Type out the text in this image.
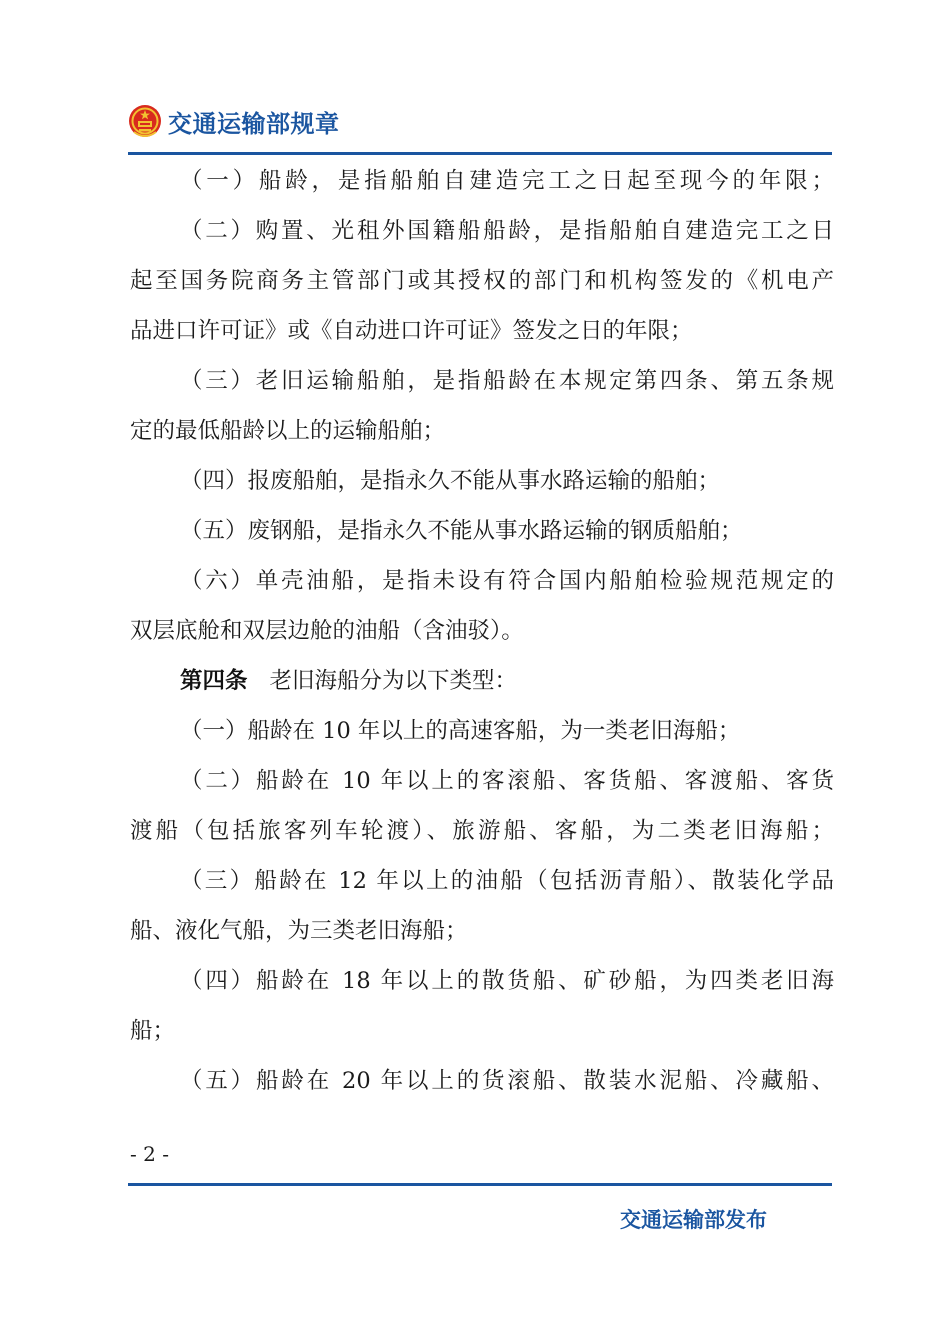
交通运输部规章
（一）船龄，是指船舶自建造完工之日起至现今的年限；
（二）购置、光租外国籍船船龄，是指船舶自建造完工之日
起至国务院商务主管部门或其授权的部门和机构签发的《机电产
品进口许可证》或《自动进口许可证》签发之日的年限；
（三）老旧运输船舶，是指船龄在本规定第四条、第五条规
定的最低船龄以上的运输船舶；
（四）报废船舶，是指永久不能从事水路运输的船舶；
（五）废钢船，是指永久不能从事水路运输的钢质船舶；
（六）单壳油船，是指未设有符合国内船舶检验规范规定的
双层底舱和双层边舱的油船（含油驳）。
第四条 老旧海船分为以下类型：
（一）船龄在 10 年以上的高速客船，为一类老旧海船；
（二）船龄在 10 年以上的客滚船、客货船、客渡船、客货
渡船（包括旅客列车轮渡）、旅游船、客船，为二类老旧海船；
（三）船龄在 12 年以上的油船（包括沥青船）、散装化学品
船、液化气船，为三类老旧海船；
（四）船龄在 18 年以上的散货船、矿砂船，为四类老旧海
船；
（五）船龄在 20 年以上的货滚船、散装水泥船、冷藏船、
- 2 -
交通运输部发布
